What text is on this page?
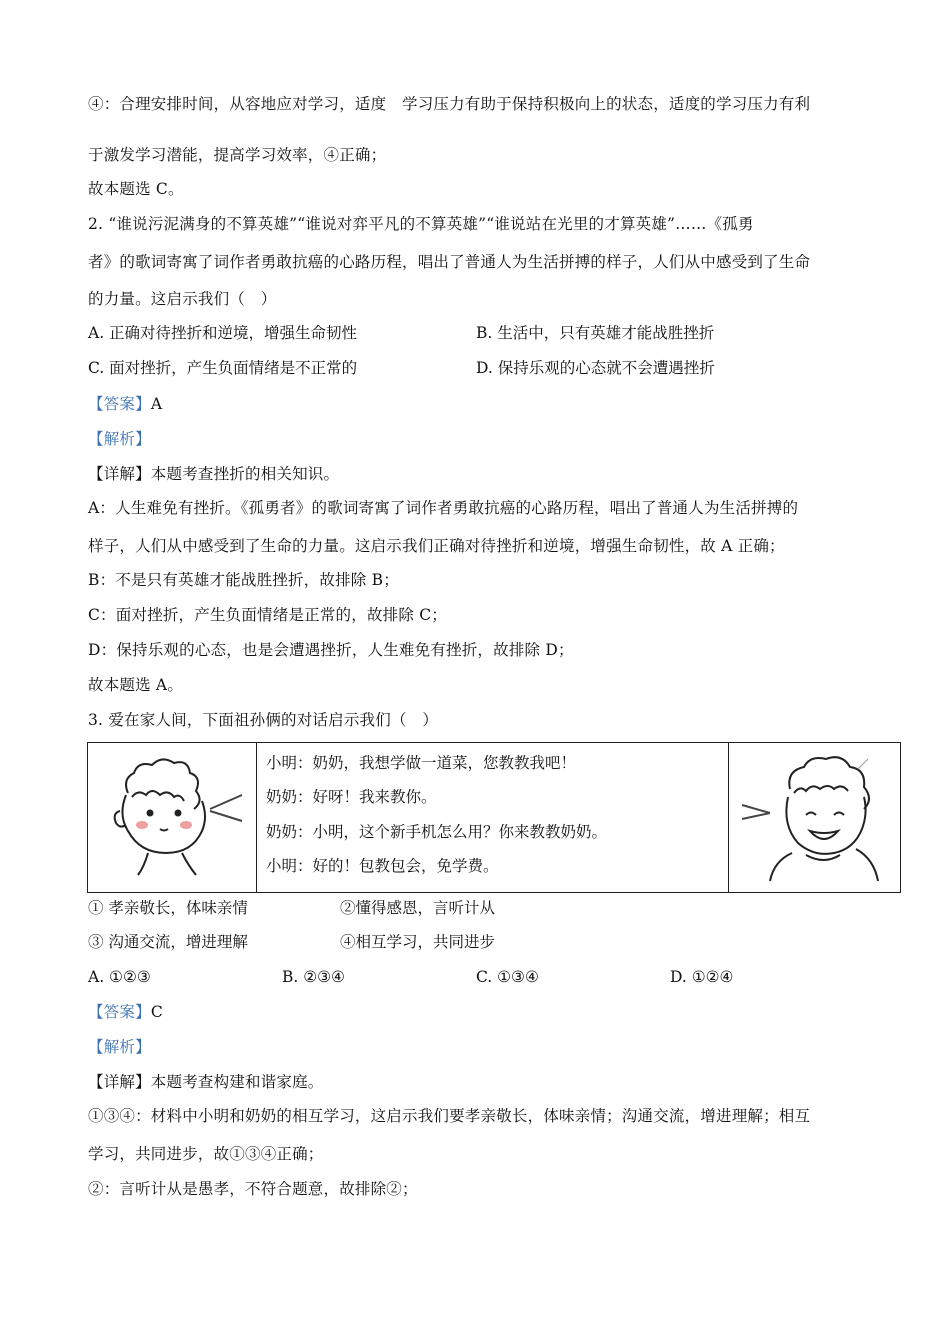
④：合理安排时间，从容地应对学习，适度　学习压力有助于保持积极向上的状态，适度的学习压力有利
于激发学习潜能，提高学习效率，④正确；
故本题选 C。
2. “谁说污泥满身的不算英雄”“谁说对弈平凡的不算英雄”“谁说站在光里的才算英雄”……《孤勇
者》的歌词寄寓了词作者勇敢抗癌的心路历程，唱出了普通人为生活拼搏的样子，人们从中感受到了生命
的力量。这启示我们（　）
A. 正确对待挫折和逆境，增强生命韧性	B. 生活中，只有英雄才能战胜挫折
C. 面对挫折，产生负面情绪是不正常的	D. 保持乐观的心态就不会遭遇挫折
【答案】A
【解析】
【详解】本题考查挫折的相关知识。
A：人生难免有挫折。《孤勇者》的歌词寄寓了词作者勇敢抗癌的心路历程，唱出了普通人为生活拼搏的
样子，人们从中感受到了生命的力量。这启示我们正确对待挫折和逆境，增强生命韧性，故 A 正确；
B：不是只有英雄才能战胜挫折，故排除 B；
C：面对挫折，产生负面情绪是正常的，故排除 C；
D：保持乐观的心态，也是会遭遇挫折，人生难免有挫折，故排除 D；
故本题选 A。
3. 爱在家人间，下面祖孙俩的对话启示我们（　）
小明：奶奶，我想学做一道菜，您教教我吧！
奶奶：好呀！我来教你。
奶奶：小明，这个新手机怎么用？你来教教奶奶。
小明：好的！包教包会，免学费。
① 孝亲敬长，体味亲情	②懂得感恩，言听计从
③ 沟通交流，增进理解	④相互学习，共同进步
A. ①②③	B. ②③④	C. ①③④	D. ①②④
【答案】C
【解析】
【详解】本题考查构建和谐家庭。
①③④：材料中小明和奶奶的相互学习，这启示我们要孝亲敬长，体味亲情；沟通交流，增进理解；相互
学习，共同进步，故①③④正确；
②：言听计从是愚孝，不符合题意，故排除②；
